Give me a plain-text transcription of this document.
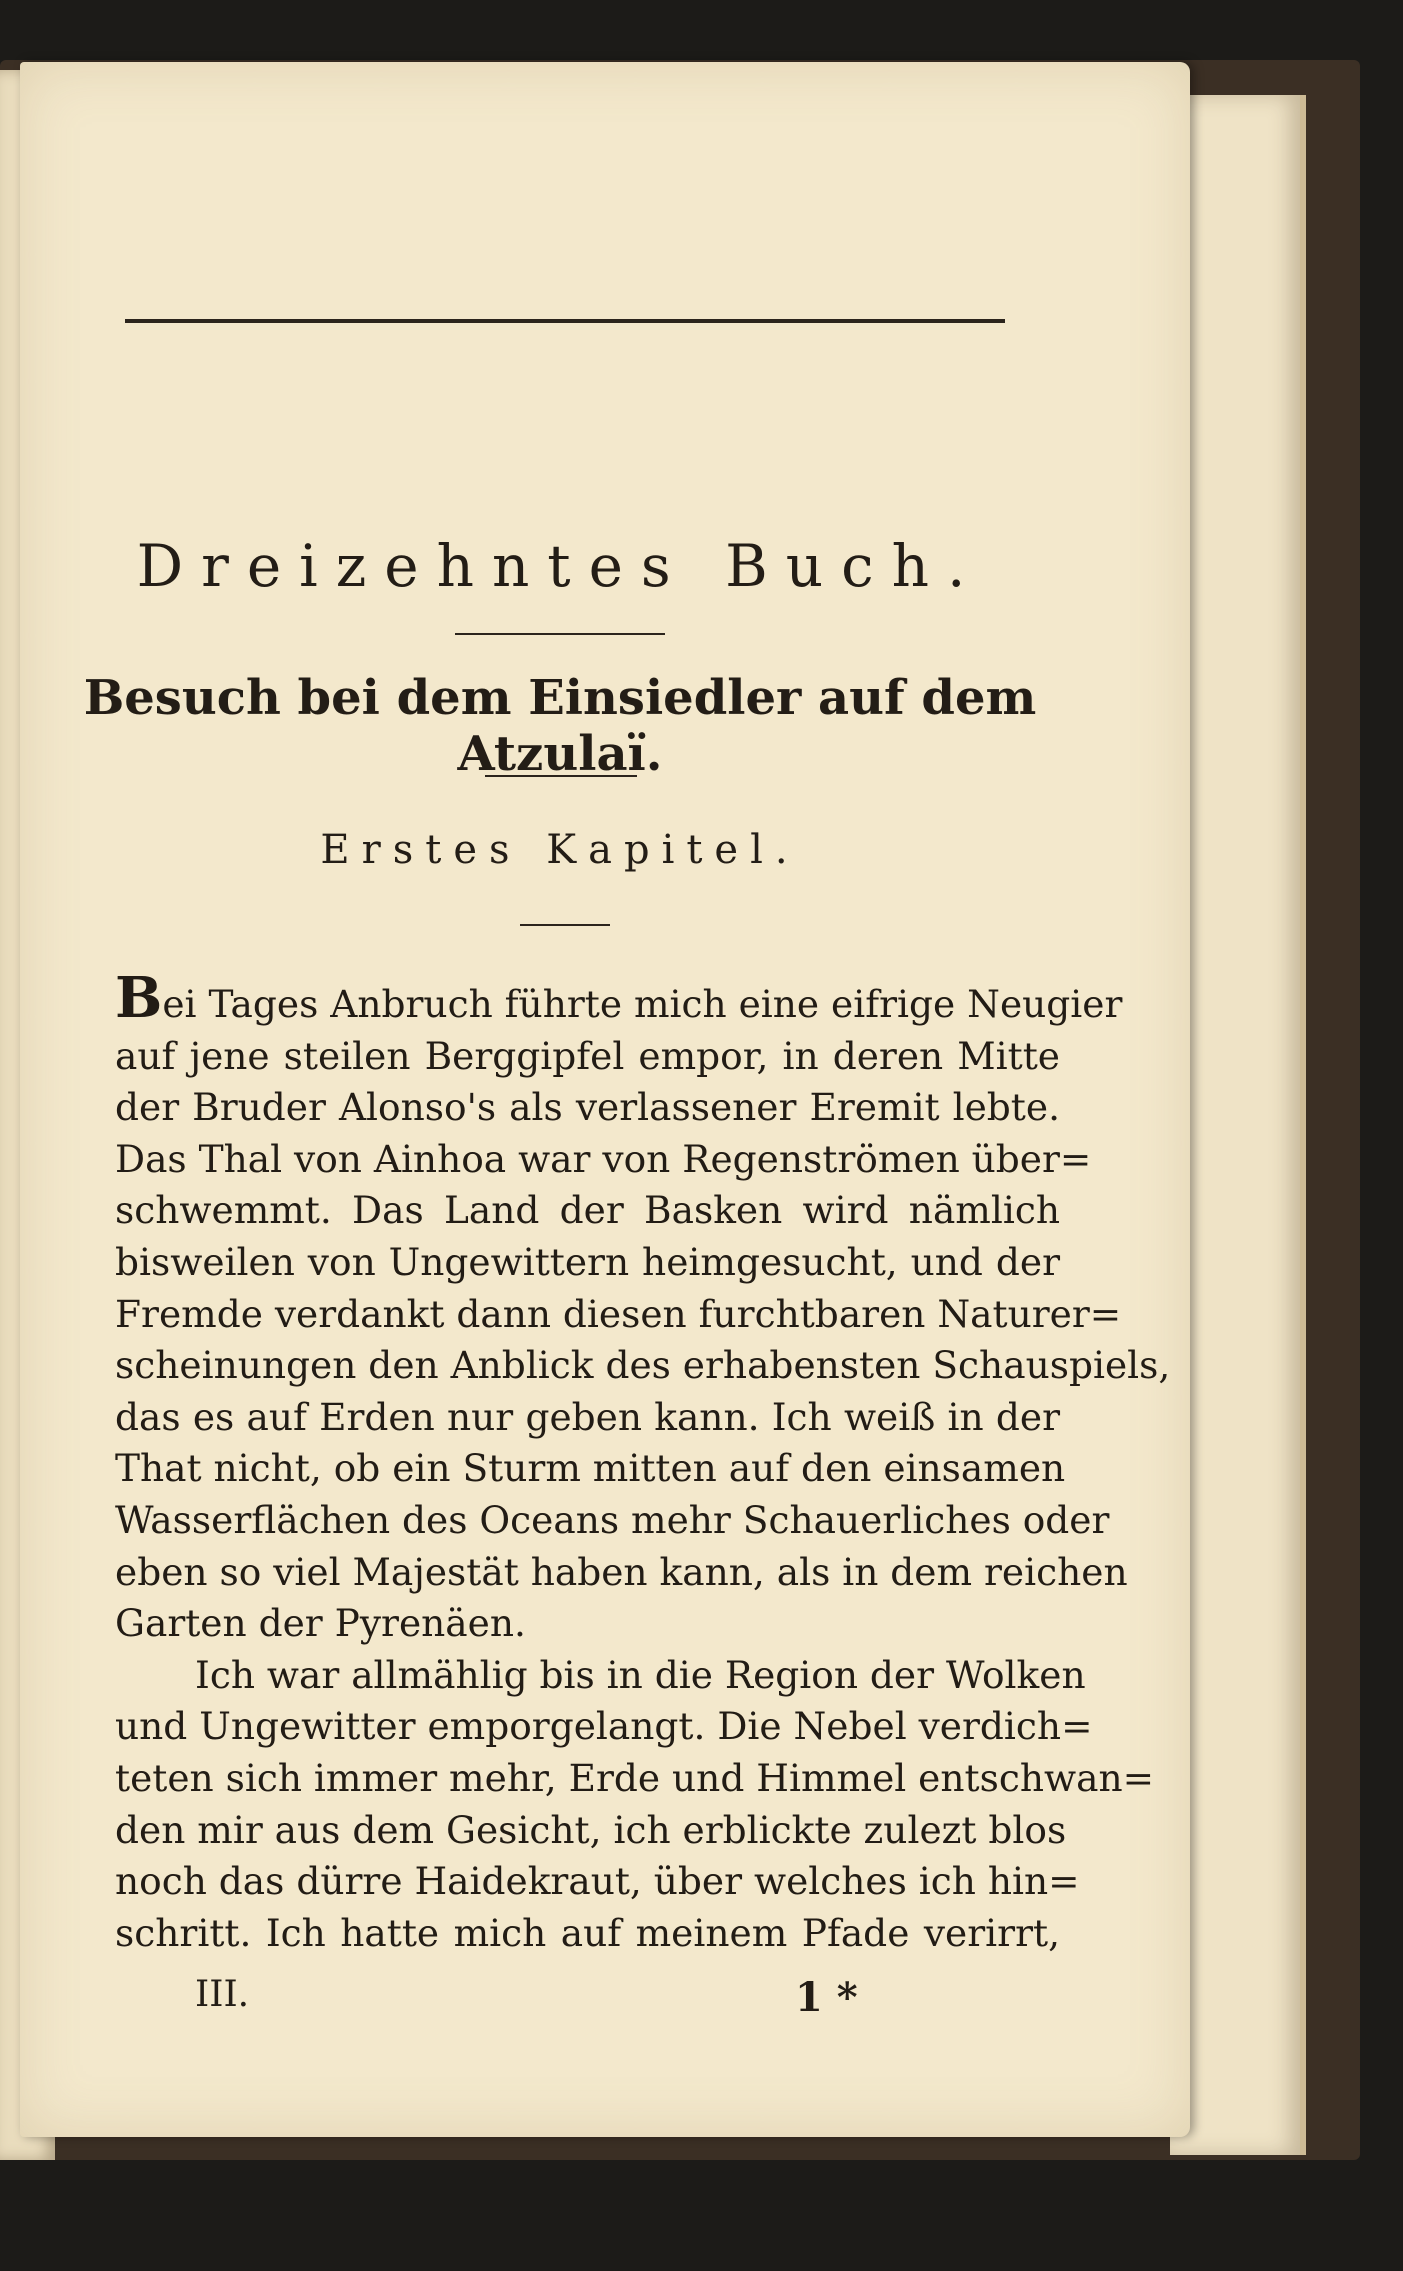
Dreizehntes Buch.
Besuch bei dem Einsiedler auf dem Atzulaï.
Erstes Kapitel.
Bei Tages Anbruch führte mich eine eifrige Neugier
auf jene steilen Berggipfel empor, in deren Mitte
der Bruder Alonso's als verlassener Eremit lebte.
Das Thal von Ainhoa war von Regenströmen über=
schwemmt. Das Land der Basken wird nämlich
bisweilen von Ungewittern heimgesucht, und der
Fremde verdankt dann diesen furchtbaren Naturer=
scheinungen den Anblick des erhabensten Schauspiels,
das es auf Erden nur geben kann. Ich weiß in der
That nicht, ob ein Sturm mitten auf den einsamen
Wasserflächen des Oceans mehr Schauerliches oder
eben so viel Majestät haben kann, als in dem reichen
Garten der Pyrenäen.
Ich war allmählig bis in die Region der Wolken
und Ungewitter emporgelangt. Die Nebel verdich=
teten sich immer mehr, Erde und Himmel entschwan=
den mir aus dem Gesicht, ich erblickte zulezt blos
noch das dürre Haidekraut, über welches ich hin=
schritt. Ich hatte mich auf meinem Pfade verirrt,
III.	1 *
